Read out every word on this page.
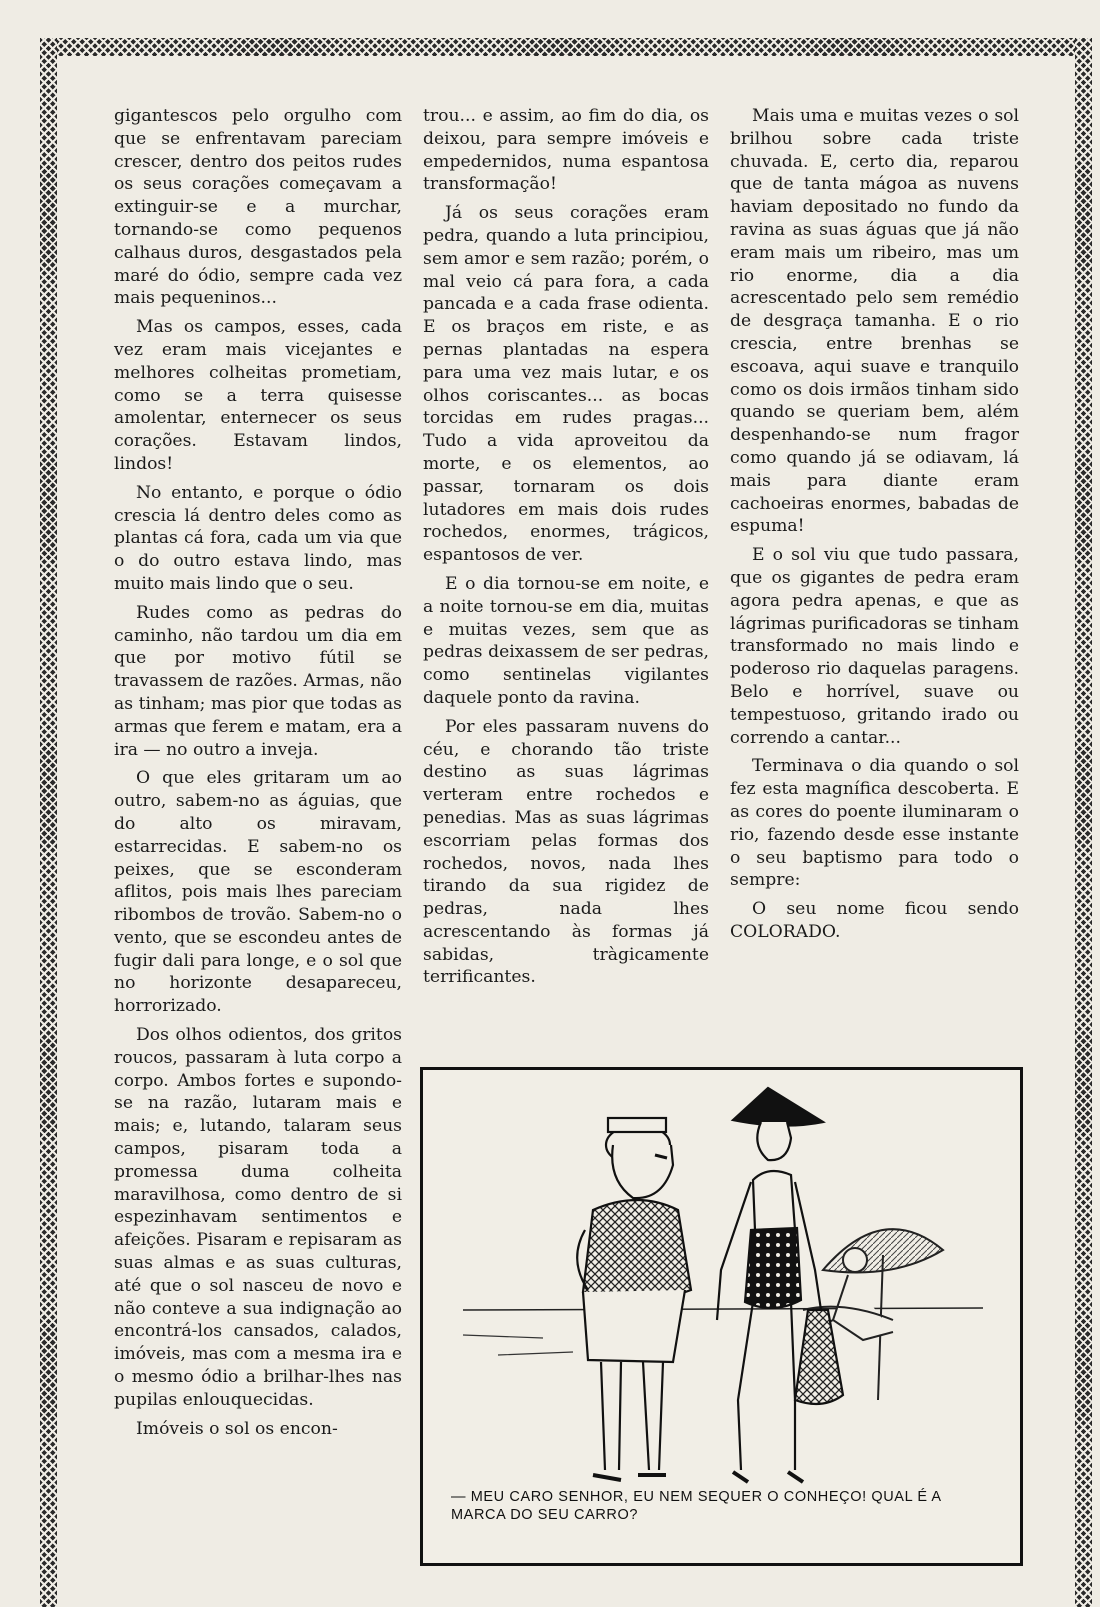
gigantescos pelo orgulho com que se enfrentavam pareciam crescer, dentro dos peitos rudes os seus corações começavam a extinguir-se e a murchar, tornando-se como pequenos calhaus duros, desgastados pela maré do ódio, sempre cada vez mais pequeninos...

Mas os campos, esses, cada vez eram mais vicejantes e melhores colheitas prometiam, como se a terra quisesse amolentar, enternecer os seus corações. Estavam lindos, lindos!

No entanto, e porque o ódio crescia lá dentro deles como as plantas cá fora, cada um via que o do outro estava lindo, mas muito mais lindo que o seu.

Rudes como as pedras do caminho, não tardou um dia em que por motivo fútil se travassem de razões. Armas, não as tinham; mas pior que todas as armas que ferem e matam, era a ira — no outro a inveja.

O que eles gritaram um ao outro, sabem-no as águias, que do alto os miravam, estarrecidas. E sabem-no os peixes, que se esconderam aflitos, pois mais lhes pareciam ribombos de trovão. Sabem-no o vento, que se escondeu antes de fugir dali para longe, e o sol que no horizonte desapareceu, horrorizado.

Dos olhos odientos, dos gritos roucos, passaram à luta corpo a corpo. Ambos fortes e supondo-se na razão, lutaram mais e mais; e, lutando, talaram seus campos, pisaram toda a promessa duma colheita maravilhosa, como dentro de si espezinhavam sentimentos e afeições. Pisaram e repisaram as suas almas e as suas culturas, até que o sol nasceu de novo e não conteve a sua indignação ao encontrá-los cansados, calados, imóveis, mas com a mesma ira e o mesmo ódio a brilhar-lhes nas pupilas enlouquecidas.

Imóveis o sol os encon-

trou... e assim, ao fim do dia, os deixou, para sempre imóveis e empedernidos, numa espantosa transformação!

Já os seus corações eram pedra, quando a luta principiou, sem amor e sem razão; porém, o mal veio cá para fora, a cada pancada e a cada frase odienta. E os braços em riste, e as pernas plantadas na espera para uma vez mais lutar, e os olhos coriscantes... as bocas torcidas em rudes pragas... Tudo a vida aproveitou da morte, e os elementos, ao passar, tornaram os dois lutadores em mais dois rudes rochedos, enormes, trágicos, espantosos de ver.

E o dia tornou-se em noite, e a noite tornou-se em dia, muitas e muitas vezes, sem que as pedras deixassem de ser pedras, como sentinelas vigilantes daquele ponto da ravina.

Por eles passaram nuvens do céu, e chorando tão triste destino as suas lágrimas verteram entre rochedos e penedias. Mas as suas lágrimas escorriam pelas formas dos rochedos, novos, nada lhes tirando da sua rigidez de pedras, nada lhes acrescentando às formas já sabidas, tràgicamente terrificantes.

Mais uma e muitas vezes o sol brilhou sobre cada triste chuvada. E, certo dia, reparou que de tanta mágoa as nuvens haviam depositado no fundo da ravina as suas águas que já não eram mais um ribeiro, mas um rio enorme, dia a dia acrescentado pelo sem remédio de desgraça tamanha. E o rio crescia, entre brenhas se escoava, aqui suave e tranquilo como os dois irmãos tinham sido quando se queriam bem, além despenhando-se num fragor como quando já se odiavam, lá mais para diante eram cachoeiras enormes, babadas de espuma!

E o sol viu que tudo passara, que os gigantes de pedra eram agora pedra apenas, e que as lágrimas purificadoras se tinham transformado no mais lindo e poderoso rio daquelas paragens. Belo e horrível, suave ou tempestuoso, gritando irado ou correndo a cantar...

Terminava o dia quando o sol fez esta magnífica descoberta. E as cores do poente iluminaram o rio, fazendo desde esse instante o seu baptismo para todo o sempre:

O seu nome ficou sendo COLORADO.

— MEU CARO SENHOR, EU NEM SEQUER O CONHEÇO! QUAL É A MARCA DO SEU CARRO?
